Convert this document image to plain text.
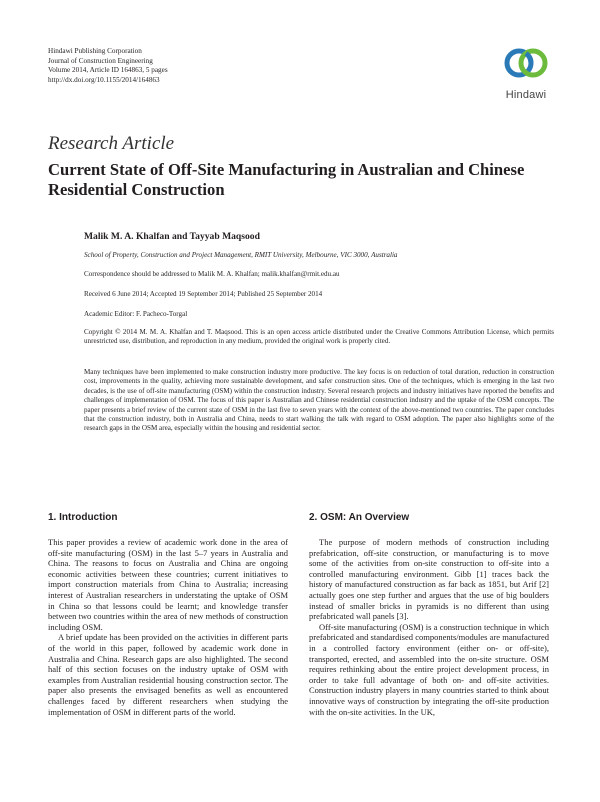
Hindawi Publishing Corporation
Journal of Construction Engineering
Volume 2014, Article ID 164863, 5 pages
http://dx.doi.org/10.1155/2014/164863
Hindawi
Research Article
Current State of Off-Site Manufacturing in Australian and Chinese Residential Construction
Malik M. A. Khalfan and Tayyab Maqsood
School of Property, Construction and Project Management, RMIT University, Melbourne, VIC 3000, Australia
Correspondence should be addressed to Malik M. A. Khalfan; malik.khalfan@rmit.edu.au
Received 6 June 2014; Accepted 19 September 2014; Published 25 September 2014
Academic Editor: F. Pacheco-Torgal
Copyright © 2014 M. M. A. Khalfan and T. Maqsood. This is an open access article distributed under the Creative Commons Attribution License, which permits unrestricted use, distribution, and reproduction in any medium, provided the original work is properly cited.
Many techniques have been implemented to make construction industry more productive. The key focus is on reduction of total duration, reduction in construction cost, improvements in the quality, achieving more sustainable development, and safer construction sites. One of the techniques, which is emerging in the last two decades, is the use of off-site manufacturing (OSM) within the construction industry. Several research projects and industry initiatives have reported the benefits and challenges of implementation of OSM. The focus of this paper is Australian and Chinese residential construction industry and the uptake of the OSM concepts. The paper presents a brief review of the current state of OSM in the last five to seven years with the context of the above-mentioned two countries. The paper concludes that the construction industry, both in Australia and China, needs to start walking the talk with regard to OSM adoption. The paper also highlights some of the research gaps in the OSM area, especially within the housing and residential sector.
1. Introduction

This paper provides a review of academic work done in the area of off-site manufacturing (OSM) in the last 5–7 years in Australia and China. The reasons to focus on Australia and China are ongoing economic activities between these countries; current initiatives to import construction materials from China to Australia; increasing interest of Australian researchers in understating the uptake of OSM in China so that lessons could be learnt; and knowledge transfer between two countries within the area of new methods of construction including OSM.

A brief update has been provided on the activities in different parts of the world in this paper, followed by academic work done in Australia and China. Research gaps are also highlighted. The second half of this section focuses on the industry uptake of OSM with examples from Australian residential housing construction sector. The paper also presents the envisaged benefits as well as encountered challenges faced by different researchers when studying the implementation of OSM in different parts of the world.

2. OSM: An Overview

The purpose of modern methods of construction including prefabrication, off-site construction, or manufacturing is to move some of the activities from on-site construction to off-site into a controlled manufacturing environment. Gibb [1] traces back the history of manufactured construction as far back as 1851, but Arif [2] actually goes one step further and argues that the use of big boulders instead of smaller bricks in pyramids is no different than using prefabricated wall panels [3].

Off-site manufacturing (OSM) is a construction technique in which prefabricated and standardised components/modules are manufactured in a controlled factory environment (either on- or off-site), transported, erected, and assembled into the on-site structure. OSM requires rethinking about the entire project development process, in order to take full advantage of both on- and off-site activities. Construction industry players in many countries started to think about innovative ways of construction by integrating the off-site production with the on-site activities. In the UK,
